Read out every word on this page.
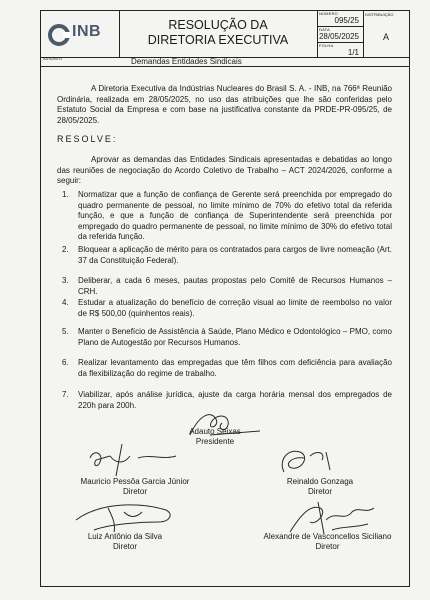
INB	RESOLUÇÃO DA
DIRETORIA EXECUTIVA
NÚMERO
095/25
DATA
28/05/2025
FOLHA
1/1
DISTRIBUIÇÃO
A
ASSUNTO	Demandas Entidades Sindicais
A Diretoria Executiva da Indústrias Nucleares do Brasil S. A. - INB, na 766ª Reunião Ordinária, realizada em 28/05/2025, no uso das atribuições que lhe são conferidas pelo Estatuto Social da Empresa e com base na justificativa constante da PRDE-PR-095/25, de 28/05/2025.
RESOLVE:
Aprovar as demandas das Entidades Sindicais apresentadas e debatidas ao longo das reuniões de negociação do Acordo Coletivo de Trabalho – ACT 2024/2026, conforme a seguir:
1. Normatizar que a função de confiança de Gerente será preenchida por empregado do quadro permanente de pessoal, no limite mínimo de 70% do efetivo total da referida função, e que a função de confiança de Superintendente será preenchida por empregado do quadro permanente de pessoal, no limite mínimo de 30% do efetivo total da referida função.
2. Bloquear a aplicação de mérito para os contratados para cargos de livre nomeação (Art. 37 da Constituição Federal).
3. Deliberar, a cada 6 meses, pautas propostas pelo Comitê de Recursos Humanos – CRH.
4. Estudar a atualização do benefício de correção visual ao limite de reembolso no valor de R$ 500,00 (quinhentos reais).
5. Manter o Benefício de Assistência à Saúde, Plano Médico e Odontológico – PMO, como Plano de Autogestão por Recursos Humanos.
6. Realizar levantamento das empregadas que têm filhos com deficiência para avaliação da flexibilização do regime de trabalho.
7. Viabilizar, após análise jurídica, ajuste da carga horária mensal dos empregados de 220h para 200h.
Adauto Seixas
Presidente
Mauricio Pessôa Garcia Júnior
Diretor
Reinaldo Gonzaga
Diretor
Luiz Antônio da Silva
Diretor
Alexandre de Vasconcellos Siciliano
Diretor
